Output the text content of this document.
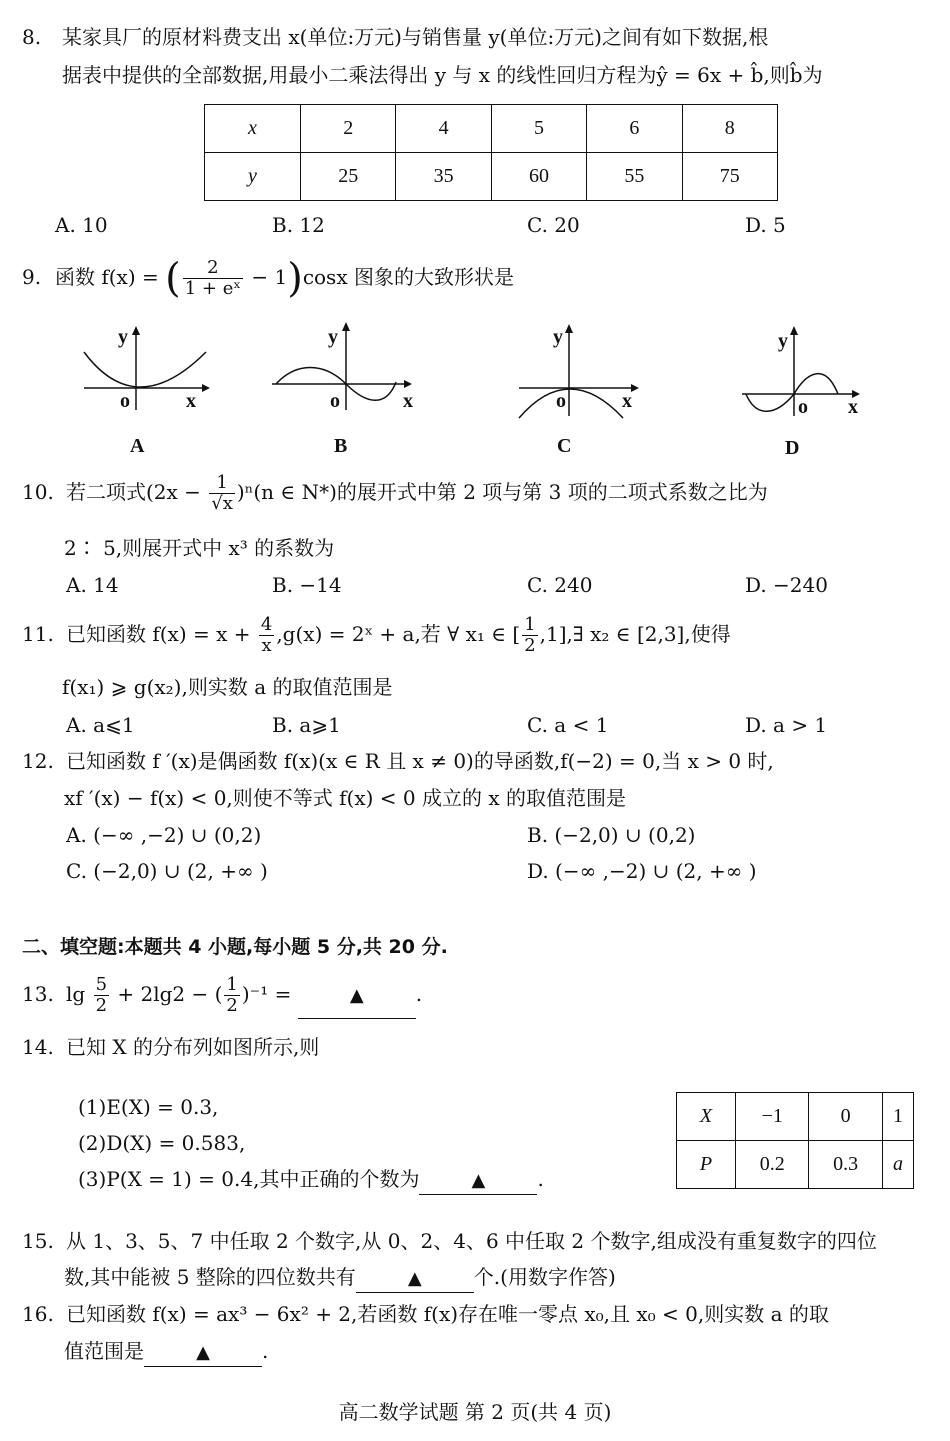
8. 某家具厂的原材料费支出 x(单位:万元)与销售量 y(单位:万元)之间有如下数据,根
据表中提供的全部数据,用最小二乘法得出 y 与 x 的线性回归方程为ŷ = 6x + b̂,则b̂为
x	2	4	5	6	8
y	25	35	60	55	75
A. 10	B. 12	C. 20	D. 5
9. 函数 f(x) = ( $\frac{2}{\text{1 + eˣ}} - 1)\cos x$ 图象的大致形状是
y
x
o
y
x
o
y
x
o
y
x
o
A	B	C	D
10. 若二项式$(2x - \frac{1}{√x} )^n(n$ ∈ N*)的展开式中第 2 项与第 3 项的二项式系数之比为
2∶ 5,则展开式中 x³ 的系数为
A. 14	B. −14	C. 240	D. −240
11. 已知函数 $f(x) = x + \frac{4}{x} ,g(x)$ = 2ˣ + a,若 ∀ x₁ ∈ [ $\frac{1}{2}$ ,1],∃ x₂ ∈ [2,3],使得
f(x₁) ⩾ g(x₂),则实数 a 的取值范围是
A. a⩽1	B. a⩾1	C. a < 1	D. a > 1
12. 已知函数 f ′(x)是偶函数 f(x)(x ∈ R 且 x ≠ 0)的导函数,f(−2) = 0,当 x > 0 时,
xf ′(x) − f(x) < 0,则使不等式 f(x) < 0 成立的 x 的取值范围是
A. (−∞ ,−2) ∪ (0,2)	B. (−2,0) ∪ (0,2)
C. (−2,0) ∪ (2, +∞ )	D. (−∞ ,−2) ∪ (2, +∞ )
二、填空题:本题共 4 小题,每小题 5 分,共 20 分.
13. $\lg \frac{5}{2} + 2\lg 2$ − ( $\frac{1}{2} )^{-1}$ =	▲	.
14. 已知 X 的分布列如图所示,则
(1)E(X) = 0.3,
(2)D(X) = 0.583,
(3)P(X = 1) = 0.4,其中正确的个数为	▲	.
X	−1	0	1
P	0.2	0.3	a
15. 从 1、3、5、7 中任取 2 个数字,从 0、2、4、6 中任取 2 个数字,组成没有重复数字的四位
数,其中能被 5 整除的四位数共有	▲	个.(用数字作答)
16. 已知函数 f(x) = ax³ − 6x² + 2,若函数 f(x)存在唯一零点 x₀,且 x₀ < 0,则实数 a 的取
值范围是	▲	.
高二数学试题 第 2 页(共 4 页)
